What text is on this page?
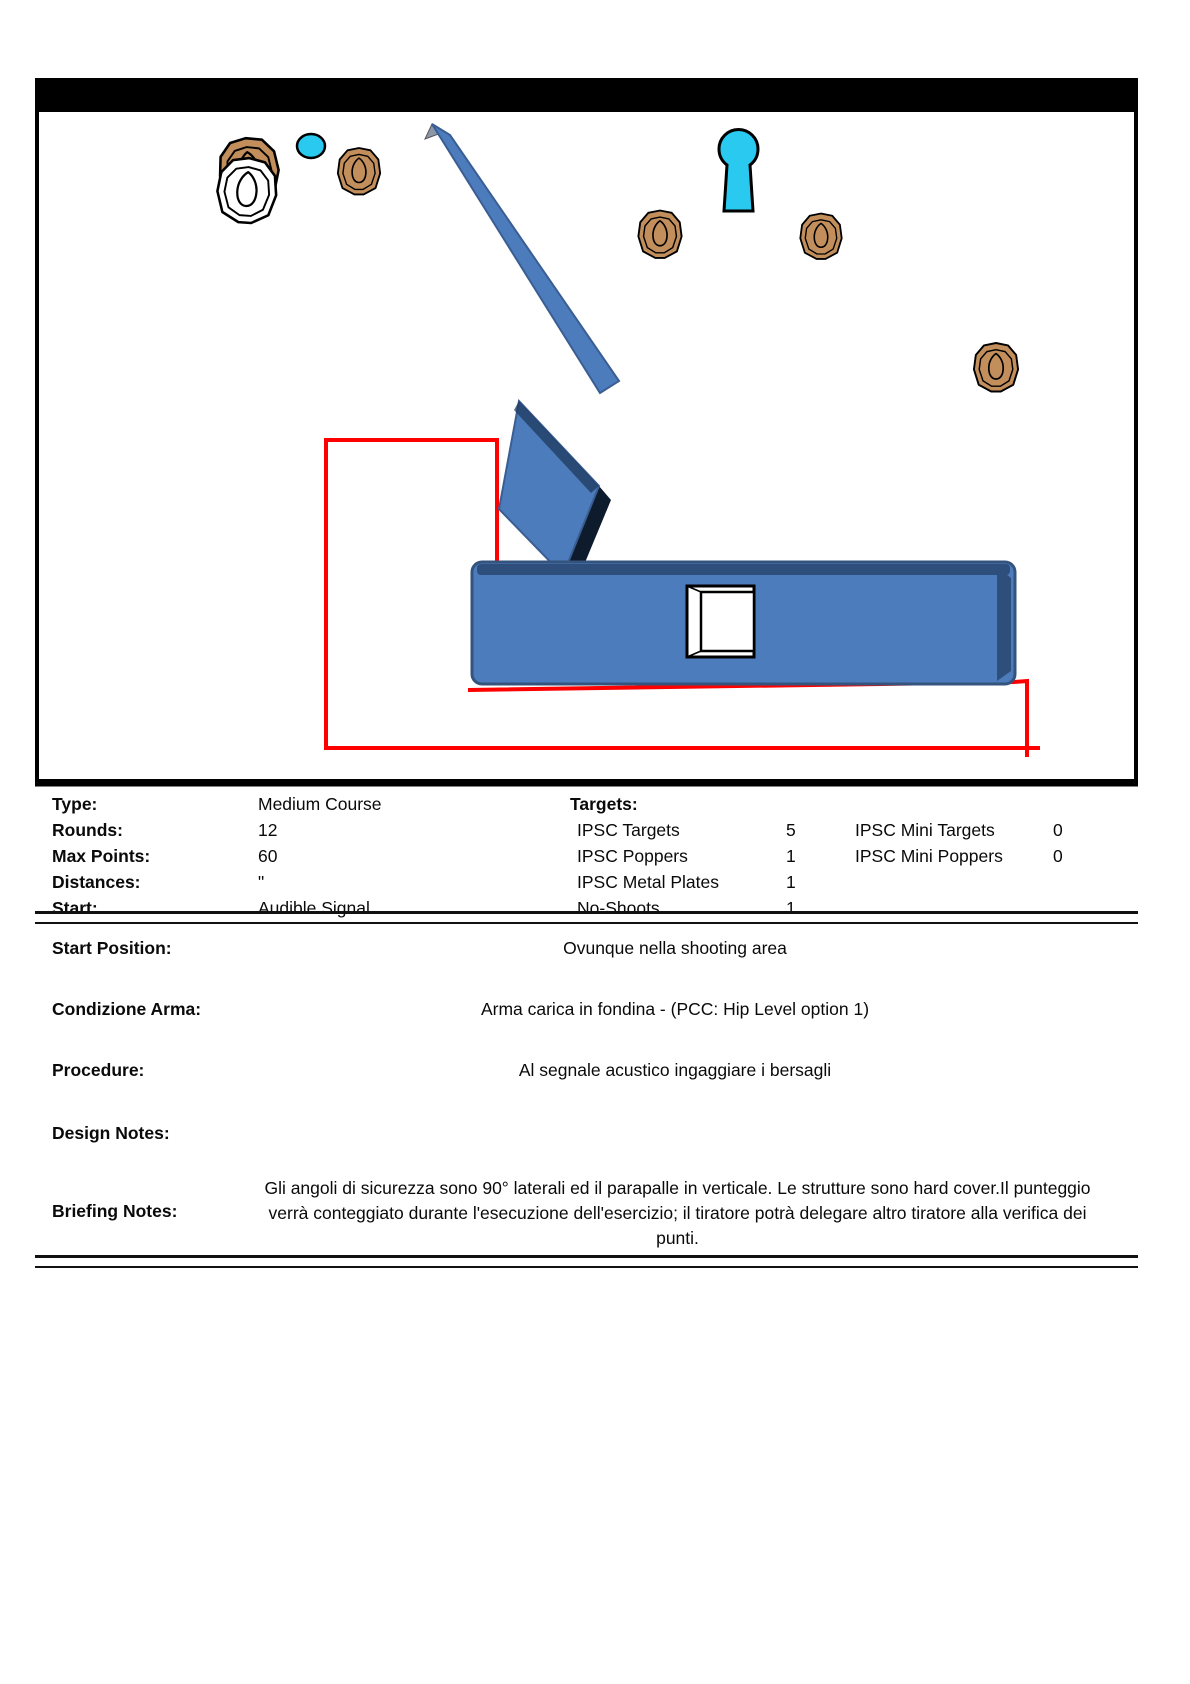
Type:	Medium Course	Targets:
Rounds:	12	IPSC Targets	5	IPSC Mini Targets	0
Max Points:	60	IPSC Poppers	1	IPSC Mini Poppers	0
Distances:	"	IPSC Metal Plates	1
Start:	Audible Signal	No-Shoots	1
Start Position:	Ovunque nella shooting area
Condizione Arma:	Arma carica in fondina - (PCC: Hip Level option 1)
Procedure:	Al segnale acustico ingaggiare i bersagli
Design Notes:
Briefing Notes:
Gli angoli di sicurezza sono 90° laterali ed il parapalle in verticale. Le strutture sono hard cover.Il punteggio verrà conteggiato durante l'esecuzione dell'esercizio; il tiratore potrà delegare altro tiratore alla verifica dei punti.
